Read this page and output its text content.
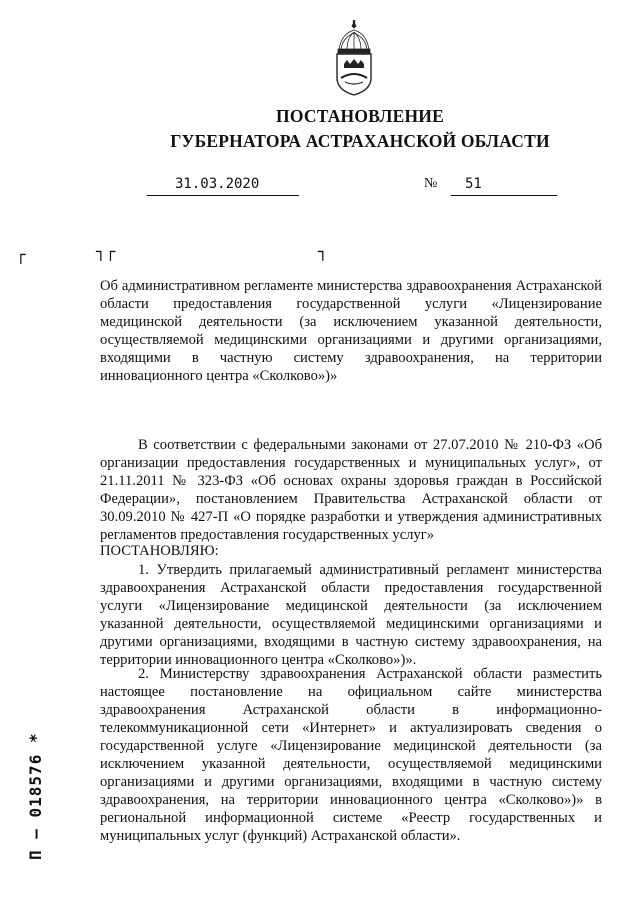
ПОСТАНОВЛЕНИЕ
ГУБЕРНАТОРА АСТРАХАНСКОЙ ОБЛАСТИ
31.03.2020	№	51
┌	┐┌	┐

Об административном регламенте министерства здравоохранения Астраханской области предоставления государственной услуги «Лицензирование медицинской деятельности (за исключением указанной деятельности, осуществляемой медицинскими организациями и другими организациями, входящими в частную систему здравоохранения, на территории инновационного центра «Сколково»)»

В соответствии с федеральными законами от 27.07.2010 № 210-ФЗ «Об организации предоставления государственных и муниципальных услуг», от 21.11.2011 № 323-ФЗ «Об основах охраны здоровья граждан в Российской Федерации», постановлением Правительства Астраханской области от 30.09.2010 № 427-П «О порядке разработки и утверждения административных регламентов предоставления государственных услуг»

ПОСТАНОВЛЯЮ:

1. Утвердить прилагаемый административный регламент министерства здравоохранения Астраханской области предоставления государственной услуги «Лицензирование медицинской деятельности (за исключением указанной деятельности, осуществляемой медицинскими организациями и другими организациями, входящими в частную систему здравоохранения, на территории инновационного центра «Сколково»)».

2. Министерству здравоохранения Астраханской области разместить настоящее постановление на официальном сайте министерства здравоохранения Астраханской области в информационно-телекоммуникационной сети «Интернет» и актуализировать сведения о государственной услуге «Лицензирование медицинской деятельности (за исключением указанной деятельности, осуществляемой медицинскими организациями и другими организациями, входящими в частную систему здравоохранения, на территории инновационного центра «Сколково»)» в региональной информационной системе «Реестр государственных и муниципальных услуг (функций) Астраханской области».

П – 018576 *
